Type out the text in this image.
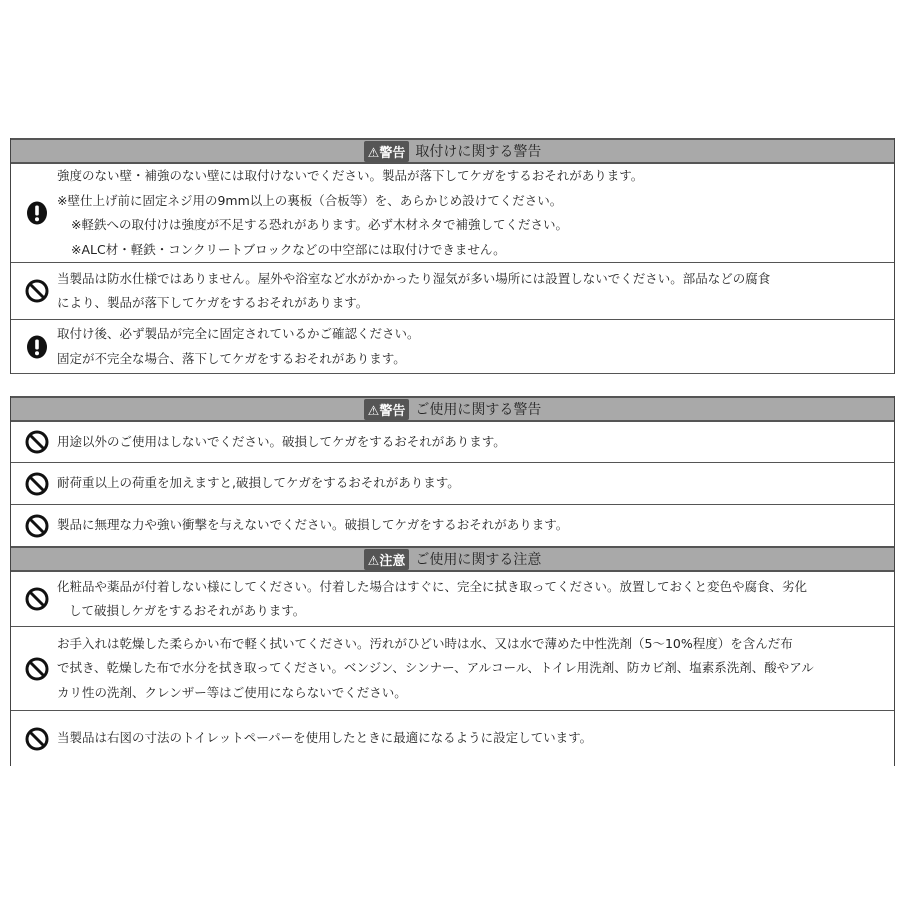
⚠警告 取付けに関する警告
強度のない壁・補強のない壁には取付けないでください。製品が落下してケガをするおそれがあります。
※壁仕上げ前に固定ネジ用の9mm以上の裏板（合板等）を、あらかじめ設けてください。
※軽鉄への取付けは強度が不足する恐れがあります。必ず木材ネタで補強してください。
※ALC材・軽鉄・コンクリートブロックなどの中空部には取付けできません。
当製品は防水仕様ではありません。屋外や浴室など水がかかったり湿気が多い場所には設置しないでください。部品などの腐食
により、製品が落下してケガをするおそれがあります。
取付け後、必ず製品が完全に固定されているかご確認ください。
固定が不完全な場合、落下してケガをするおそれがあります。
⚠警告 ご使用に関する警告
用途以外のご使用はしないでください。破損してケガをするおそれがあります。
耐荷重以上の荷重を加えますと,破損してケガをするおそれがあります。
製品に無理な力や強い衝撃を与えないでください。破損してケガをするおそれがあります。
⚠注意 ご使用に関する注意
化粧品や薬品が付着しない様にしてください。付着した場合はすぐに、完全に拭き取ってください。放置しておくと変色や腐食、劣化
して破損しケガをするおそれがあります。
お手入れは乾燥した柔らかい布で軽く拭いてください。汚れがひどい時は水、又は水で薄めた中性洗剤（5～10%程度）を含んだ布
で拭き、乾燥した布で水分を拭き取ってください。ベンジン、シンナー、アルコール、トイレ用洗剤、防カビ剤、塩素系洗剤、酸やアル
カリ性の洗剤、クレンザー等はご使用にならないでください。
当製品は右図の寸法のトイレットペーパーを使用したときに最適になるように設定しています。
